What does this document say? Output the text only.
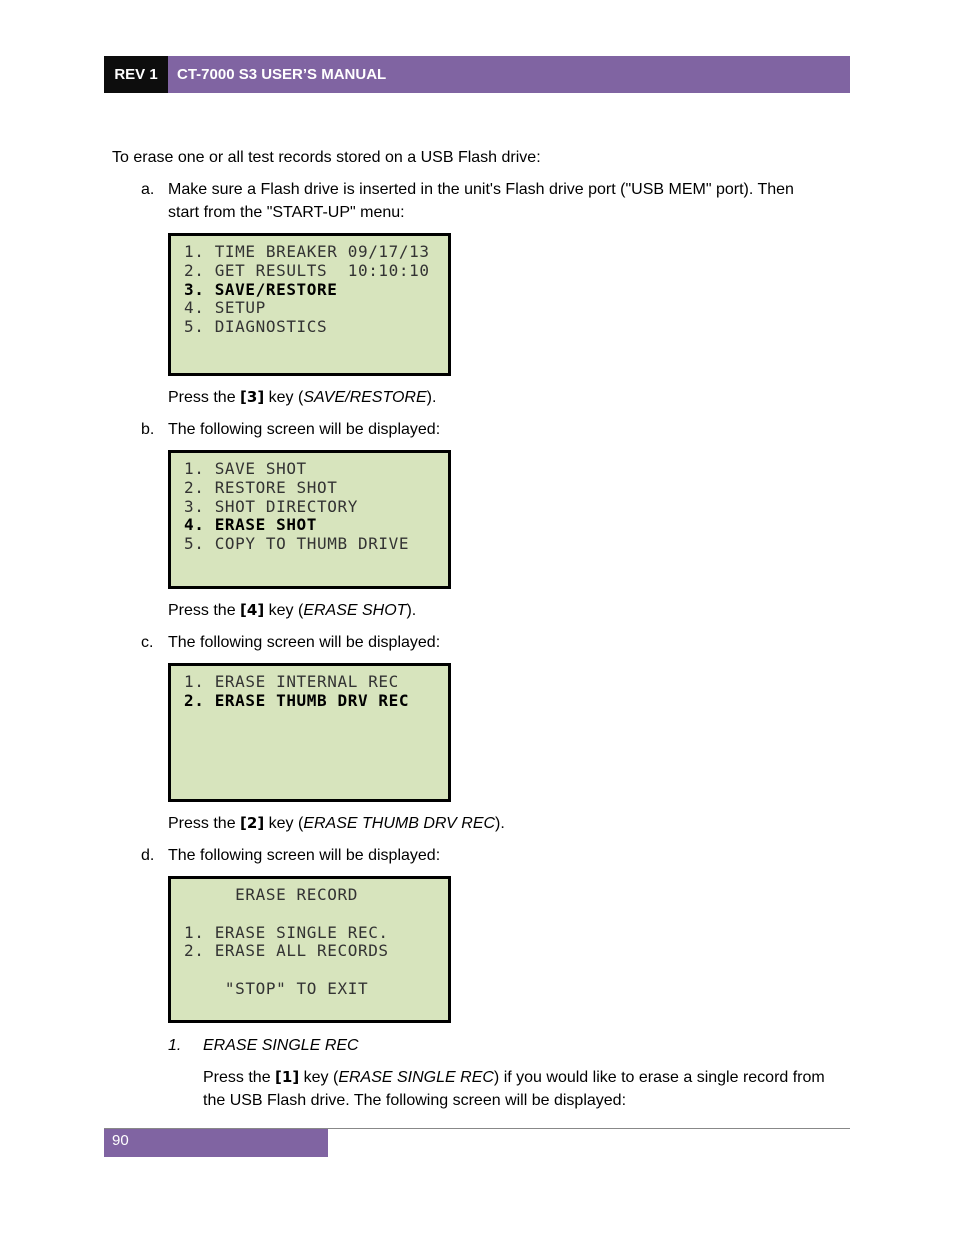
REV 1	CT-7000 S3 USER’S MANUAL
To erase one or all test records stored on a USB Flash drive:
a. Make sure a Flash drive is inserted in the unit's Flash drive port ("USB MEM" port). Then
start from the "START-UP" menu:
1. TIME BREAKER 09/17/13
2. GET RESULTS  10:10:10
3. SAVE/RESTORE
4. SETUP
5. DIAGNOSTICS
Press the [3] key (SAVE/RESTORE).
b. The following screen will be displayed:
1. SAVE SHOT
2. RESTORE SHOT
3. SHOT DIRECTORY
4. ERASE SHOT
5. COPY TO THUMB DRIVE
Press the [4] key (ERASE SHOT).
c. The following screen will be displayed:
1. ERASE INTERNAL REC
2. ERASE THUMB DRV REC
Press the [2] key (ERASE THUMB DRV REC).
d. The following screen will be displayed:
ERASE RECORD
1. ERASE SINGLE REC.
2. ERASE ALL RECORDS
"STOP" TO EXIT
1. ERASE SINGLE REC
Press the [1] key (ERASE SINGLE REC) if you would like to erase a single record from
the USB Flash drive. The following screen will be displayed:
90
